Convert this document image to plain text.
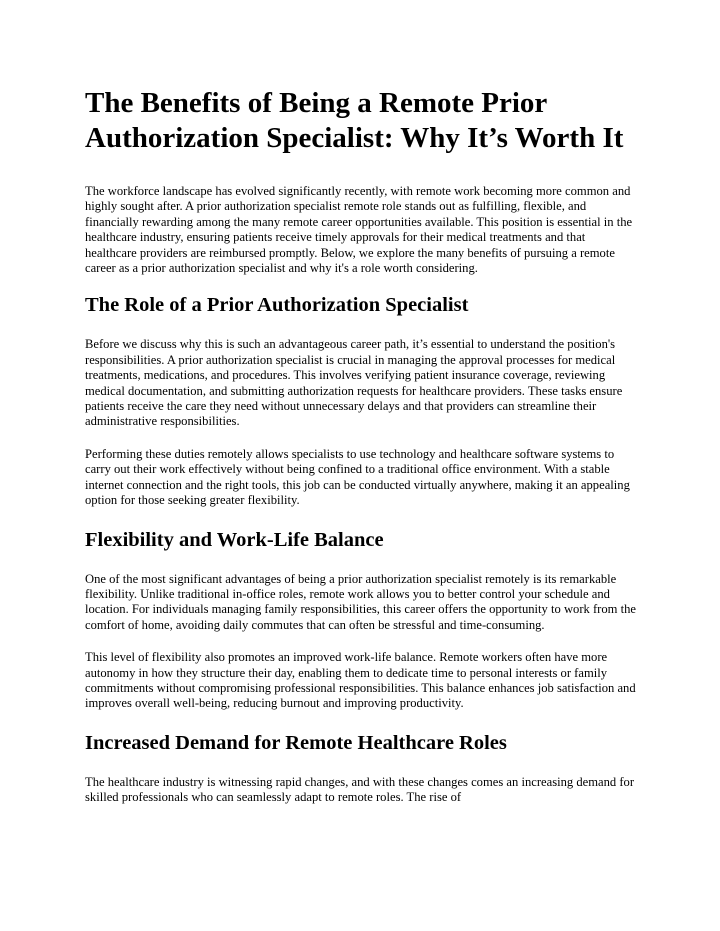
The Benefits of Being a Remote Prior Authorization Specialist: Why It’s Worth It

The workforce landscape has evolved significantly recently, with remote work becoming more common and highly sought after. A prior authorization specialist remote role stands out as fulfilling, flexible, and financially rewarding among the many remote career opportunities available. This position is essential in the healthcare industry, ensuring patients receive timely approvals for their medical treatments and that healthcare providers are reimbursed promptly. Below, we explore the many benefits of pursuing a remote career as a prior authorization specialist and why it's a role worth considering.

The Role of a Prior Authorization Specialist

Before we discuss why this is such an advantageous career path, it’s essential to understand the position's responsibilities. A prior authorization specialist is crucial in managing the approval processes for medical treatments, medications, and procedures. This involves verifying patient insurance coverage, reviewing medical documentation, and submitting authorization requests for healthcare providers. These tasks ensure patients receive the care they need without unnecessary delays and that providers can streamline their administrative responsibilities.

Performing these duties remotely allows specialists to use technology and healthcare software systems to carry out their work effectively without being confined to a traditional office environment. With a stable internet connection and the right tools, this job can be conducted virtually anywhere, making it an appealing option for those seeking greater flexibility.

Flexibility and Work-Life Balance

One of the most significant advantages of being a prior authorization specialist remotely is its remarkable flexibility. Unlike traditional in-office roles, remote work allows you to better control your schedule and location. For individuals managing family responsibilities, this career offers the opportunity to work from the comfort of home, avoiding daily commutes that can often be stressful and time-consuming.

This level of flexibility also promotes an improved work-life balance. Remote workers often have more autonomy in how they structure their day, enabling them to dedicate time to personal interests or family commitments without compromising professional responsibilities. This balance enhances job satisfaction and improves overall well-being, reducing burnout and improving productivity.

Increased Demand for Remote Healthcare Roles

The healthcare industry is witnessing rapid changes, and with these changes comes an increasing demand for skilled professionals who can seamlessly adapt to remote roles. The rise of
